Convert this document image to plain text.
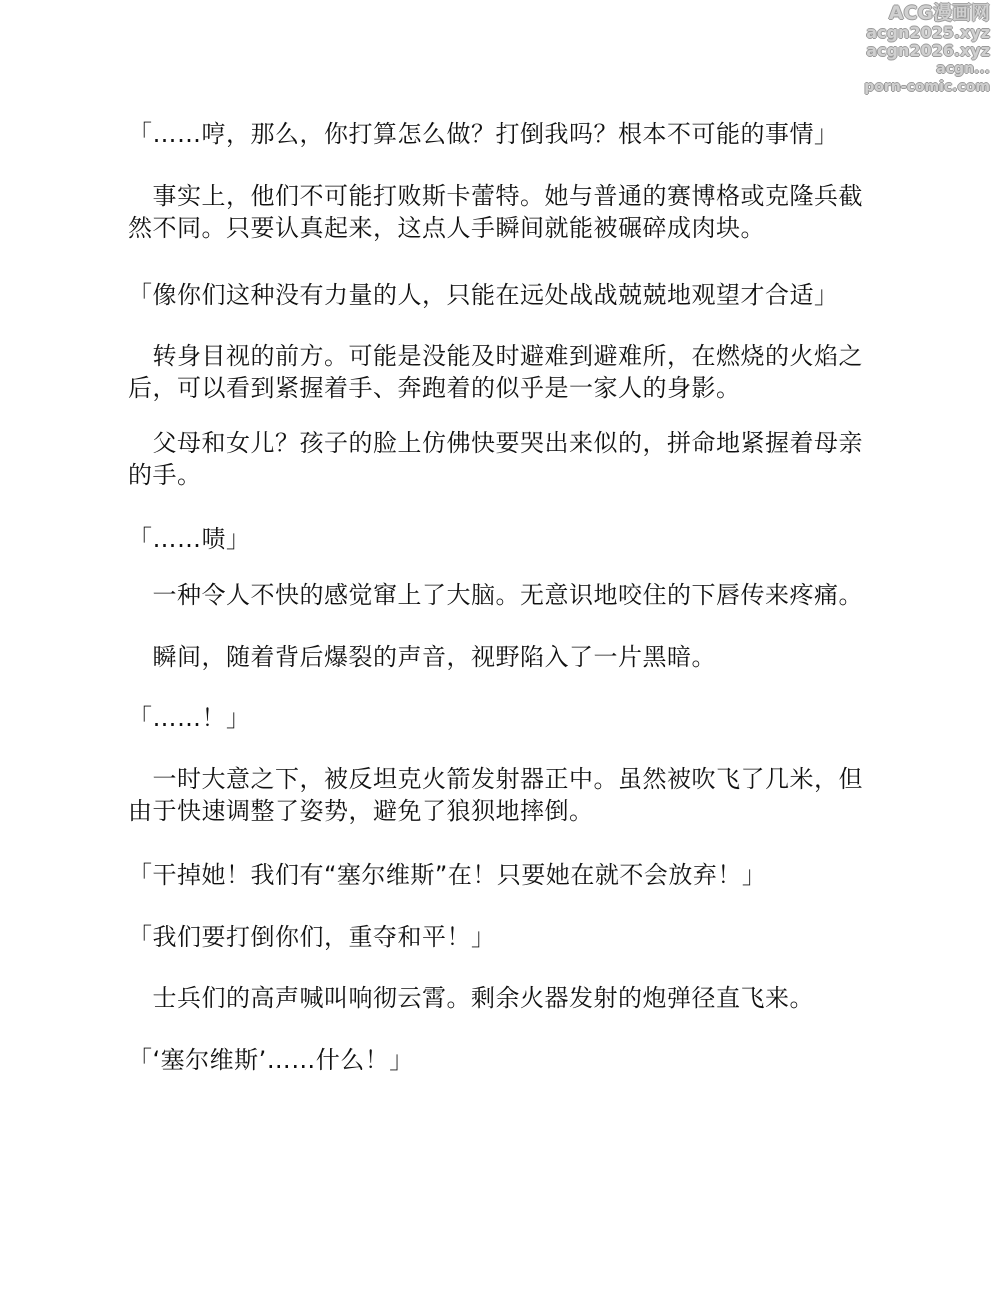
ACG漫画网
acgn2025.xyz
acgn2026.xyz
acgn...
porn-comic.com

「……哼，那么，你打算怎么做？打倒我吗？根本不可能的事情」

　事实上，他们不可能打败斯卡蕾特。她与普通的赛博格或克隆兵截然不同。只要认真起来，这点人手瞬间就能被碾碎成肉块。

「像你们这种没有力量的人，只能在远处战战兢兢地观望才合适」

　转身目视的前方。可能是没能及时避难到避难所，在燃烧的火焰之后，可以看到紧握着手、奔跑着的似乎是一家人的身影。

　父母和女儿？孩子的脸上仿佛快要哭出来似的，拼命地紧握着母亲的手。

「……啧」

　一种令人不快的感觉窜上了大脑。无意识地咬住的下唇传来疼痛。

　瞬间，随着背后爆裂的声音，视野陷入了一片黑暗。

「……！」

　一时大意之下，被反坦克火箭发射器正中。虽然被吹飞了几米，但由于快速调整了姿势，避免了狼狈地摔倒。

「干掉她！我们有“塞尔维斯”在！只要她在就不会放弃！」

「我们要打倒你们，重夺和平！」

　士兵们的高声喊叫响彻云霄。剩余火器发射的炮弹径直飞来。

「‘塞尔维斯’……什么！」
